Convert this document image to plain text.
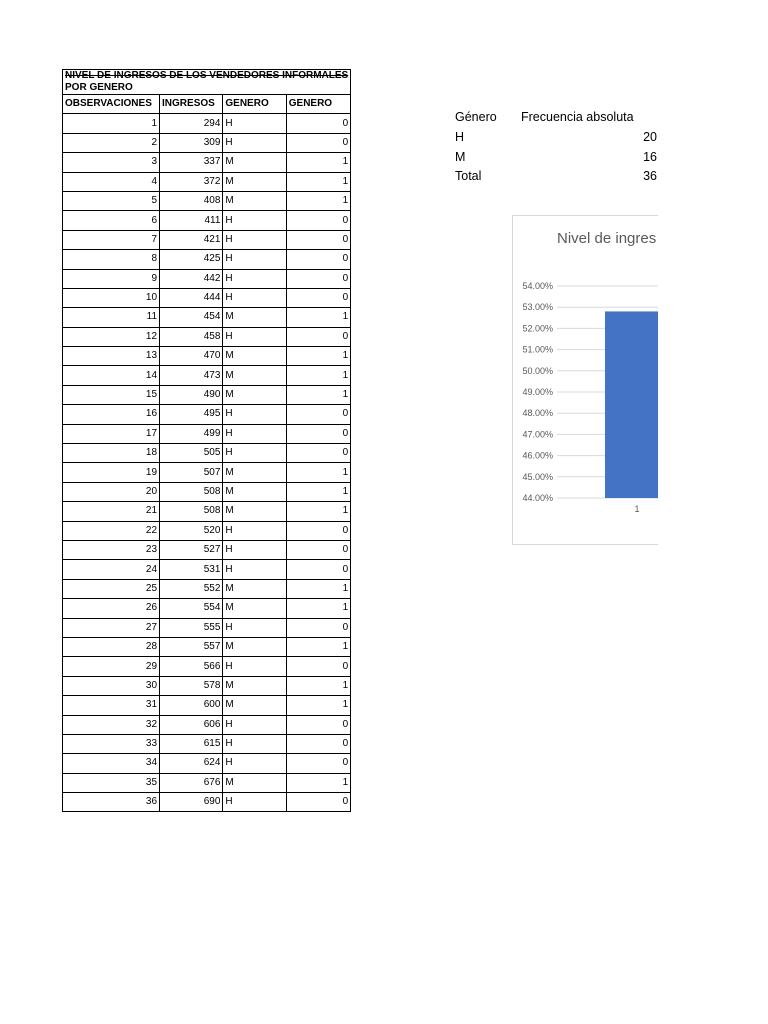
NIVEL DE INGRESOS DE LOS VENDEDORES INFORMALES
POR GENERO			
OBSERVACIONES	INGRESOS	GENERO	GENERO
1	294	H	0
2	309	H	0
3	337	M	1
4	372	M	1
5	408	M	1
6	411	H	0
7	421	H	0
8	425	H	0
9	442	H	0
10	444	H	0
11	454	M	1
12	458	H	0
13	470	M	1
14	473	M	1
15	490	M	1
16	495	H	0
17	499	H	0
18	505	H	0
19	507	M	1
20	508	M	1
21	508	M	1
22	520	H	0
23	527	H	0
24	531	H	0
25	552	M	1
26	554	M	1
27	555	H	0
28	557	M	1
29	566	H	0
30	578	M	1
31	600	M	1
32	606	H	0
33	615	H	0
34	624	H	0
35	676	M	1
36	690	H	0
Género Frecuencia absoluta
H	20
M	16
Total	36
Nivel de ingres
44.00%
45.00%
46.00%
47.00%
48.00%
49.00%
50.00%
51.00%
52.00%
53.00%
54.00%
1
